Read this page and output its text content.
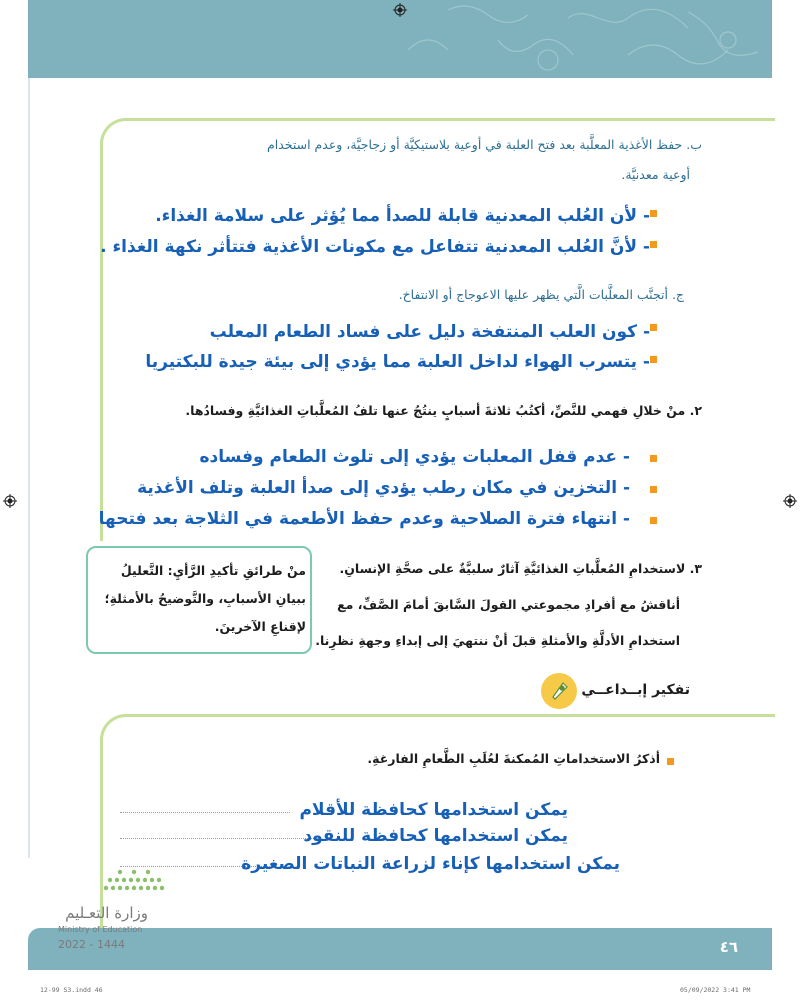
ب. حفظ الأغذية المعلَّبة بعد فتح العلبة في أوعية بلاستيكيَّة أو زجاجيَّة، وعدم استخدام
أوعية معدنيَّة.
- لأن العُلب المعدنية قابلة للصدأ مما يُؤثر على سلامة الغذاء.
- لأنَّ العُلب المعدنية تتفاعل مع مكونات الأغذية فتتأثر نكهة الغذاء .
ج. أتجنَّب المعلَّبات الَّتي يظهر عليها الاعوجاج أو الانتفاخ.
- كون العلب المنتفخة دليل على فساد الطعام المعلب
- يتسرب الهواء لداخل العلبة مما يؤدي إلى بيئة جيدة للبكتيريا
٢. منْ خلالِ فهمي للنَّصِّ، أكتُبُ ثلاثةَ أسبابٍ ينتُجُ عنها تلفُ المُعلَّباتِ الغذائيَّةِ وفسادُها.
- عدم قفل المعلبات يؤدي إلى تلوث الطعام وفساده
- التخزين في مكان رطب يؤدي إلى صدأ العلبة وتلف الأغذية
- انتهاء فترة الصلاحية وعدم حفظ الأطعمة في الثلاجة بعد فتحها
٣. لاستخدامِ المُعلَّباتِ الغذائيَّةِ آثارٌ سلبيَّةٌ على صحَّةِ الإنسانِ.
أناقشُ مع أفرادِ مجموعتي القولَ السَّابقَ أمامَ الصَّفِّ، مع
استخدامِ الأدلَّةِ والأمثلةِ قبلَ أنْ ننتهيَ إلى إبداءِ وجهةِ نظرِنا.
منْ طرائقِ تأكيدِ الرَّأيِ: التَّعليلُ
ببيانِ الأسبابِ، والتَّوضيحُ بالأمثلةِ؛
لإقناعِ الآخرينَ.
تفكير إبــداعــي
أذكرُ الاستخداماتِ المُمكنةَ لعُلَبِ الطَّعامِ الفارغةِ.
يمكن استخدامها كحافظة للأقلام
يمكن استخدامها كحافظة للنقود
يمكن استخدامها كإناء لزراعة النباتات الصغيرة
٤٦
وزارة التعـليم
Ministry of Education
2022 - 1444
12-99 S3.indd 46	05/09/2022 3:41 PM
